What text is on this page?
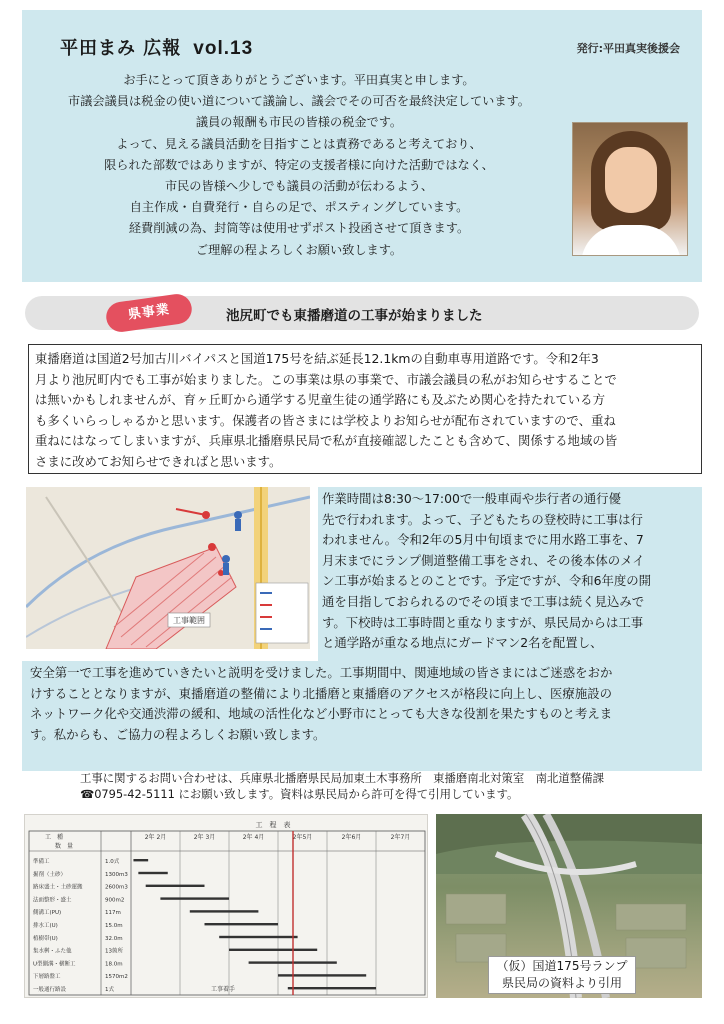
平田まみ 広報 vol.13	発行:平田真実後援会
お手にとって頂きありがとうございます。平田真実と申します。
市議会議員は税金の使い道について議論し、議会でその可否を最終決定しています。
議員の報酬も市民の皆様の税金です。
よって、見える議員活動を目指すことは責務であると考えており、
限られた部数ではありますが、特定の支援者様に向けた活動ではなく、
市民の皆様へ少しでも議員の活動が伝わるよう、
自主作成・自費発行・自らの足で、ポスティングしています。
経費削減の為、封筒等は使用せずポスト投函させて頂きます。
ご理解の程よろしくお願い致します。
県事業	池尻町でも東播磨道の工事が始まりました
東播磨道は国道2号加古川バイパスと国道175号を結ぶ延長12.1kmの自動車専用道路です。令和2年3
月より池尻町内でも工事が始まりました。この事業は県の事業で、市議会議員の私がお知らせすることで
は無いかもしれませんが、育ヶ丘町から通学する児童生徒の通学路にも及ぶため関心を持たれている方
も多くいらっしゃるかと思います。保護者の皆さまには学校よりお知らせが配布されていますので、重ね
重ねにはなってしまいますが、兵庫県北播磨県民局で私が直接確認したことも含めて、関係する地域の皆
さまに改めてお知らせできればと思います。
工事範囲
作業時間は8:30～17:00で一般車両や歩行者の通行優
先で行われます。よって、子どもたちの登校時に工事は行
われません。令和2年の5月中旬頃までに用水路工事を、7
月末までにランプ側道整備工事をされ、その後本体のメイ
ン工事が始まるとのことです。予定ですが、令和6年度の開
通を目指しておられるのでその頃まで工事は続く見込みで
す。下校時は工事時間と重なりますが、県民局からは工事
と通学路が重なる地点にガードマン2名を配置し、
安全第一で工事を進めていきたいと説明を受けました。工事期間中、関連地域の皆さまにはご迷惑をおか
けすることとなりますが、東播磨道の整備により北播磨と東播磨のアクセスが格段に向上し、医療施設の
ネットワーク化や交通渋滞の緩和、地域の活性化など小野市にとっても大きな役割を果たすものと考えま
す。私からも、ご協力の程よろしくお願い致します。
工事に関するお問い合わせは、兵庫県北播磨県民局加東土木事務所　東播磨南北対策室　南北道整備課
☎0795-42-5111 にお願い致します。資料は県民局から許可を得て引用しています。
工　程　表
工　種
数　量
2年 2月	2年 3月	2年 4月	2年5月	2年6月	2年7月
準備工	1.0式
掘削（土砂）	1300m3
路床盛土・土砂運搬	2600m3
法面整形・盛土	900m2
側溝工(PU)	117m
排水工(U)	15.0m
植樹帯(U)	32.0m
集水桝・ふた他	13箇所
U型側溝・横断工	18.0m
下層路盤工	1570m2
一般通行路設	1式	工事着手
（仮）国道175号ランプ
県民局の資料より引用
